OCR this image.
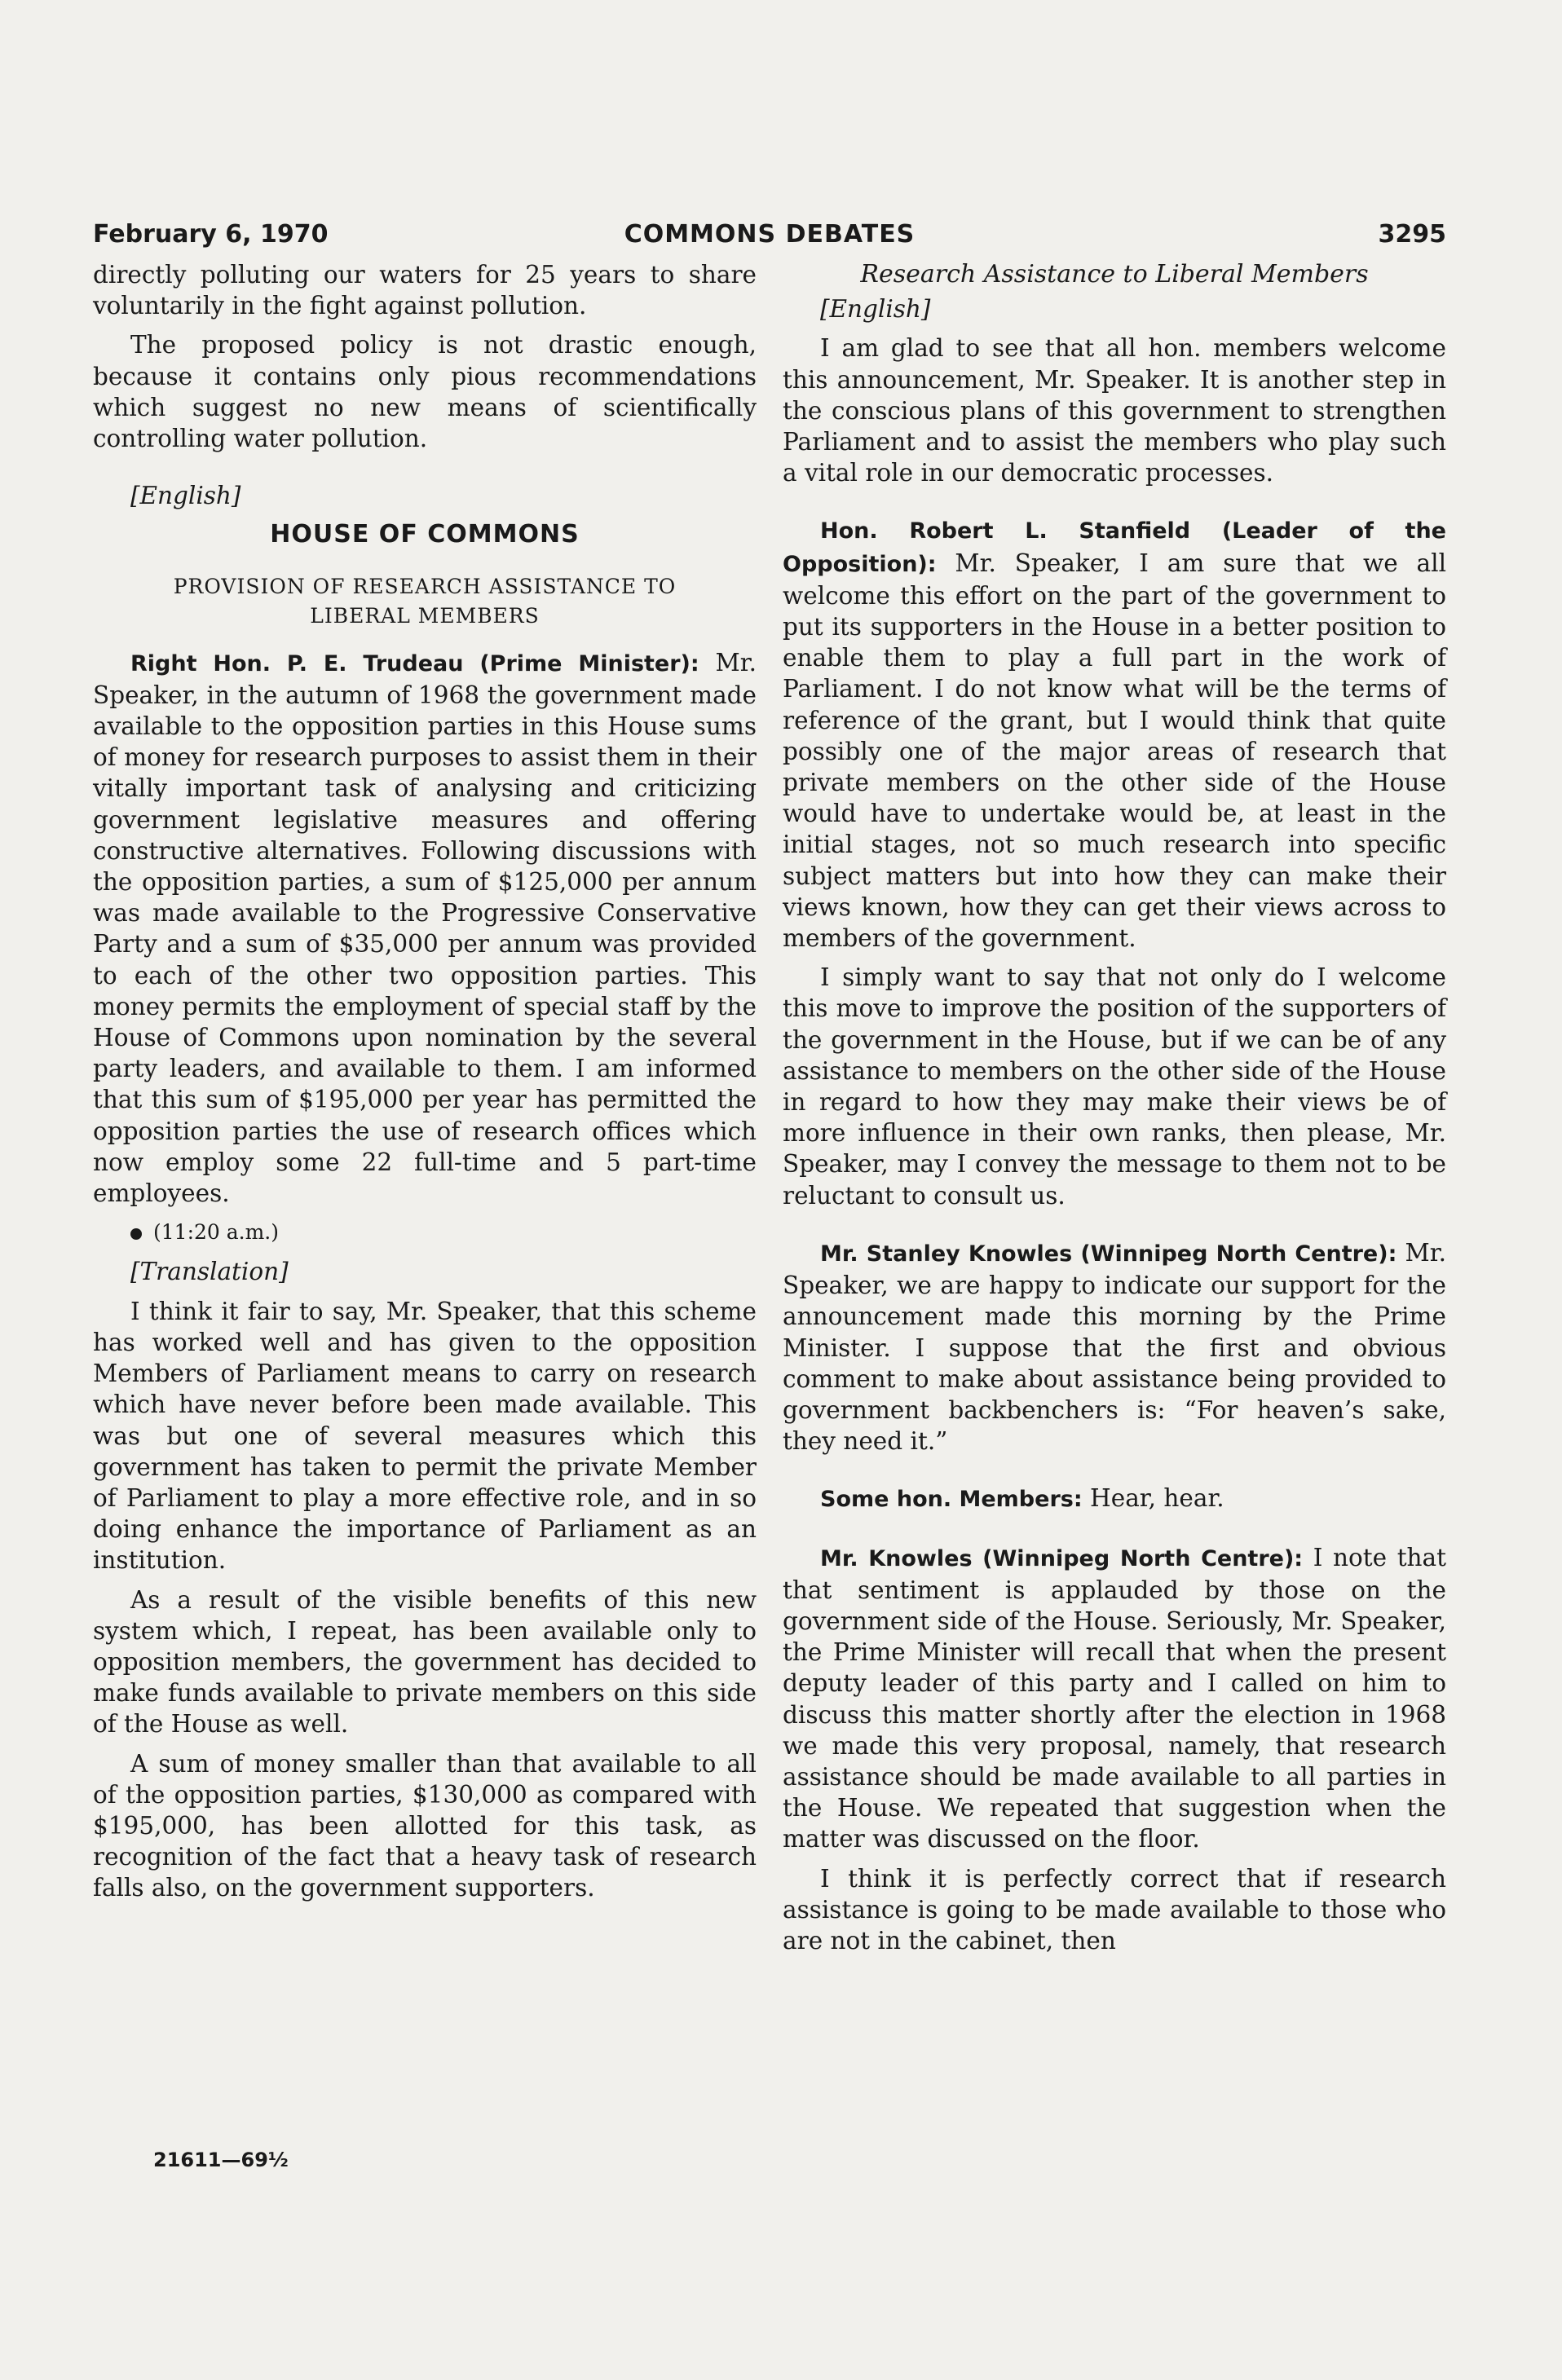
February 6, 1970	COMMONS DEBATES	3295

directly polluting our waters for 25 years to share voluntarily in the fight against pollution.

The proposed policy is not drastic enough, because it contains only pious recommendations which suggest no new means of scientifically controlling water pollution.

[English]

HOUSE OF COMMONS
PROVISION OF RESEARCH ASSISTANCE TO
LIBERAL MEMBERS

Right Hon. P. E. Trudeau (Prime Minister): Mr. Speaker, in the autumn of 1968 the government made available to the opposition parties in this House sums of money for research purposes to assist them in their vitally important task of analysing and criticizing government legislative measures and offering constructive alternatives. Following discussions with the opposition parties, a sum of $125,000 per annum was made available to the Progressive Conservative Party and a sum of $35,000 per annum was provided to each of the other two opposition parties. This money permits the employment of special staff by the House of Commons upon nomination by the several party leaders, and available to them. I am informed that this sum of $195,000 per year has permitted the opposition parties the use of research offices which now employ some 22 full-time and 5 part-time employees.

(11:20 a.m.)

[Translation]

I think it fair to say, Mr. Speaker, that this scheme has worked well and has given to the opposition Members of Parliament means to carry on research which have never before been made available. This was but one of several measures which this government has taken to permit the private Member of Parliament to play a more effective role, and in so doing enhance the importance of Parliament as an institution.

As a result of the visible benefits of this new system which, I repeat, has been available only to opposition members, the government has decided to make funds available to private members on this side of the House as well.

A sum of money smaller than that available to all of the opposition parties, $130,000 as compared with $195,000, has been allotted for this task, as recognition of the fact that a heavy task of research falls also, on the government supporters.

Research Assistance to Liberal Members

[English]

I am glad to see that all hon. members welcome this announcement, Mr. Speaker. It is another step in the conscious plans of this government to strengthen Parliament and to assist the members who play such a vital role in our democratic processes.

Hon. Robert L. Stanfield (Leader of the Opposition): Mr. Speaker, I am sure that we all welcome this effort on the part of the government to put its supporters in the House in a better position to enable them to play a full part in the work of Parliament. I do not know what will be the terms of reference of the grant, but I would think that quite possibly one of the major areas of research that private members on the other side of the House would have to undertake would be, at least in the initial stages, not so much research into specific subject matters but into how they can make their views known, how they can get their views across to members of the government.

I simply want to say that not only do I welcome this move to improve the position of the supporters of the government in the House, but if we can be of any assistance to members on the other side of the House in regard to how they may make their views be of more influence in their own ranks, then please, Mr. Speaker, may I convey the message to them not to be reluctant to consult us.

Mr. Stanley Knowles (Winnipeg North Centre): Mr. Speaker, we are happy to indicate our support for the announcement made this morning by the Prime Minister. I suppose that the first and obvious comment to make about assistance being provided to government backbenchers is: “For heaven’s sake, they need it.”

Some hon. Members: Hear, hear.

Mr. Knowles (Winnipeg North Centre): I note that that sentiment is applauded by those on the government side of the House. Seriously, Mr. Speaker, the Prime Minister will recall that when the present deputy leader of this party and I called on him to discuss this matter shortly after the election in 1968 we made this very proposal, namely, that research assistance should be made available to all parties in the House. We repeated that suggestion when the matter was discussed on the floor.

I think it is perfectly correct that if research assistance is going to be made available to those who are not in the cabinet, then

21611—69½
